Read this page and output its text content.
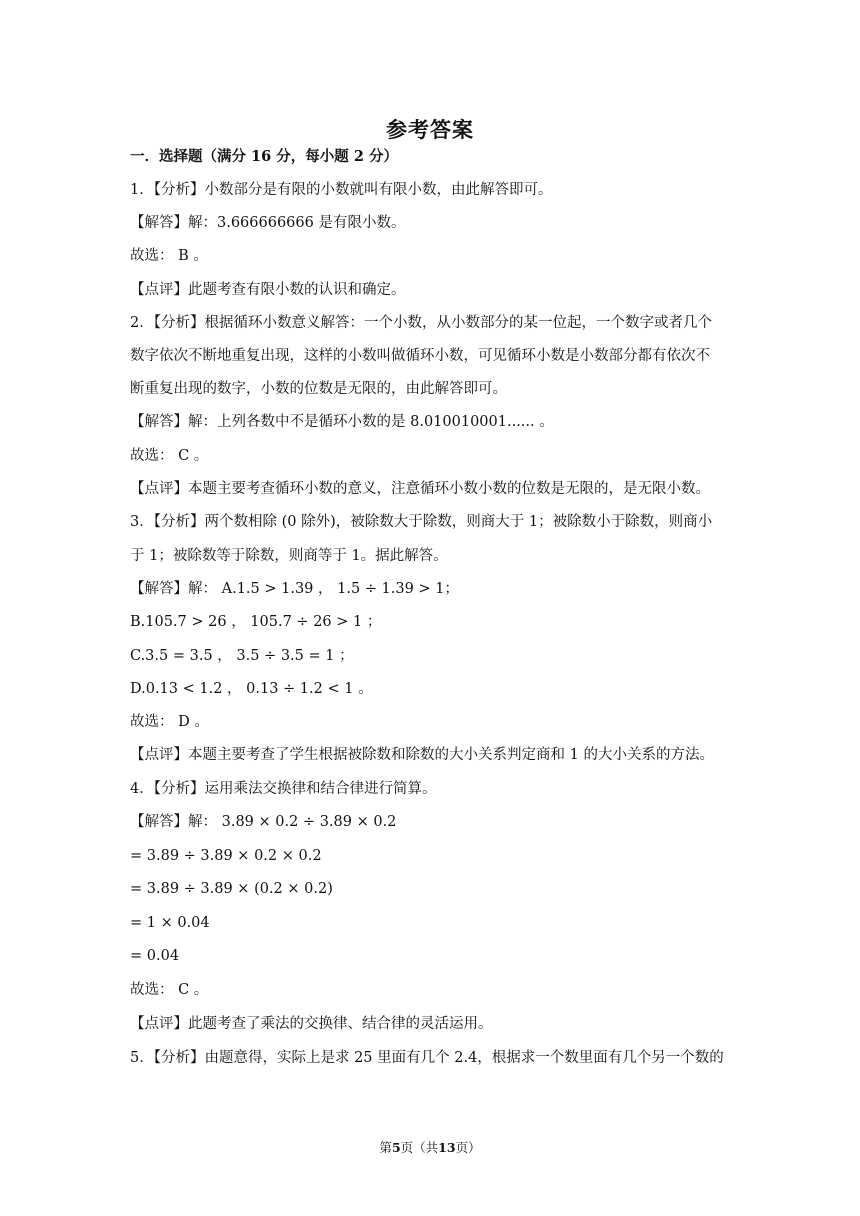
参考答案
一．选择题（满分 16 分，每小题 2 分）
1．【分析】小数部分是有限的小数就叫有限小数，由此解答即可。
【解答】解：3.666666666 是有限小数。
故选： B 。
【点评】此题考查有限小数的认识和确定。
2．【分析】根据循环小数意义解答：一个小数，从小数部分的某一位起，一个数字或者几个
数字依次不断地重复出现，这样的小数叫做循环小数，可见循环小数是小数部分都有依次不
断重复出现的数字，小数的位数是无限的，由此解答即可。
【解答】解：上列各数中不是循环小数的是 8.010010001...... 。
故选： C 。
【点评】本题主要考查循环小数的意义，注意循环小数小数的位数是无限的，是无限小数。
3．【分析】两个数相除 (0 除外)，被除数大于除数，则商大于 1；被除数小于除数，则商小
于 1；被除数等于除数，则商等于 1。据此解答。
【解答】解： A.1.5 > 1.39 ， 1.5 ÷ 1.39 > 1；
B.105.7 > 26 ， 105.7 ÷ 26 > 1 ；
C.3.5 = 3.5 ， 3.5 ÷ 3.5 = 1 ；
D.0.13 < 1.2 ， 0.13 ÷ 1.2 < 1 。
故选： D 。
【点评】本题主要考查了学生根据被除数和除数的大小关系判定商和 1 的大小关系的方法。
4．【分析】运用乘法交换律和结合律进行简算。
【解答】解： 3.89 × 0.2 ÷ 3.89 × 0.2
= 3.89 ÷ 3.89 × 0.2 × 0.2
= 3.89 ÷ 3.89 × (0.2 × 0.2)
= 1 × 0.04
= 0.04
故选： C 。
【点评】此题考查了乘法的交换律、结合律的灵活运用。
5．【分析】由题意得，实际上是求 25 里面有几个 2.4，根据求一个数里面有几个另一个数的
第5页（共13页）
